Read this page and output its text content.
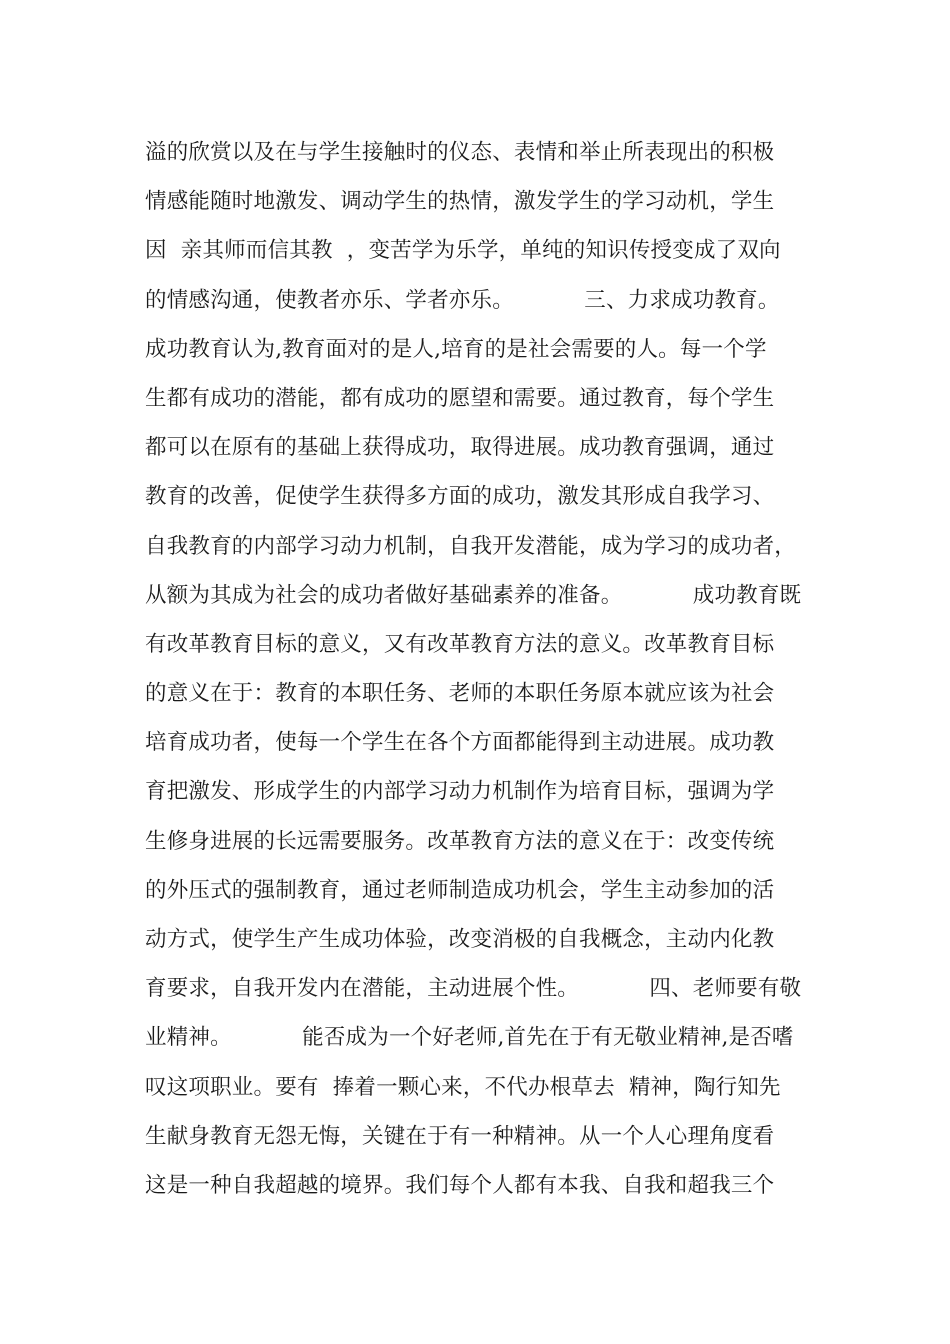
溢的欣赏以及在与学生接触时的仪态、表情和举止所表现出的积极
情感能随时地激发、调动学生的热情，激发学生的学习动机，学生
因  亲其师而信其教  ，变苦学为乐学，单纯的知识传授变成了双向
的情感沟通，使教者亦乐、学者亦乐。          三、力求成功教育。
成功教育认为,教育面对的是人,培育的是社会需要的人。每一个学
生都有成功的潜能，都有成功的愿望和需要。通过教育，每个学生
都可以在原有的基础上获得成功，取得进展。成功教育强调，通过
教育的改善，促使学生获得多方面的成功，激发其形成自我学习、
自我教育的内部学习动力机制，自我开发潜能，成为学习的成功者，
从额为其成为社会的成功者做好基础素养的准备。          成功教育既
有改革教育目标的意义，又有改革教育方法的意义。改革教育目标
的意义在于：教育的本职任务、老师的本职任务原本就应该为社会
培育成功者，使每一个学生在各个方面都能得到主动进展。成功教
育把激发、形成学生的内部学习动力机制作为培育目标，强调为学
生修身进展的长远需要服务。改革教育方法的意义在于：改变传统
的外压式的强制教育，通过老师制造成功机会，学生主动参加的活
动方式，使学生产生成功体验，改变消极的自我概念，主动内化教
育要求，自我开发内在潜能，主动进展个性。          四、老师要有敬
业精神。          能否成为一个好老师,首先在于有无敬业精神,是否嗜
叹这项职业。要有  捧着一颗心来，不代办根草去  精神，陶行知先
生献身教育无怨无悔，关键在于有一种精神。从一个人心理角度看
这是一种自我超越的境界。我们每个人都有本我、自我和超我三个
